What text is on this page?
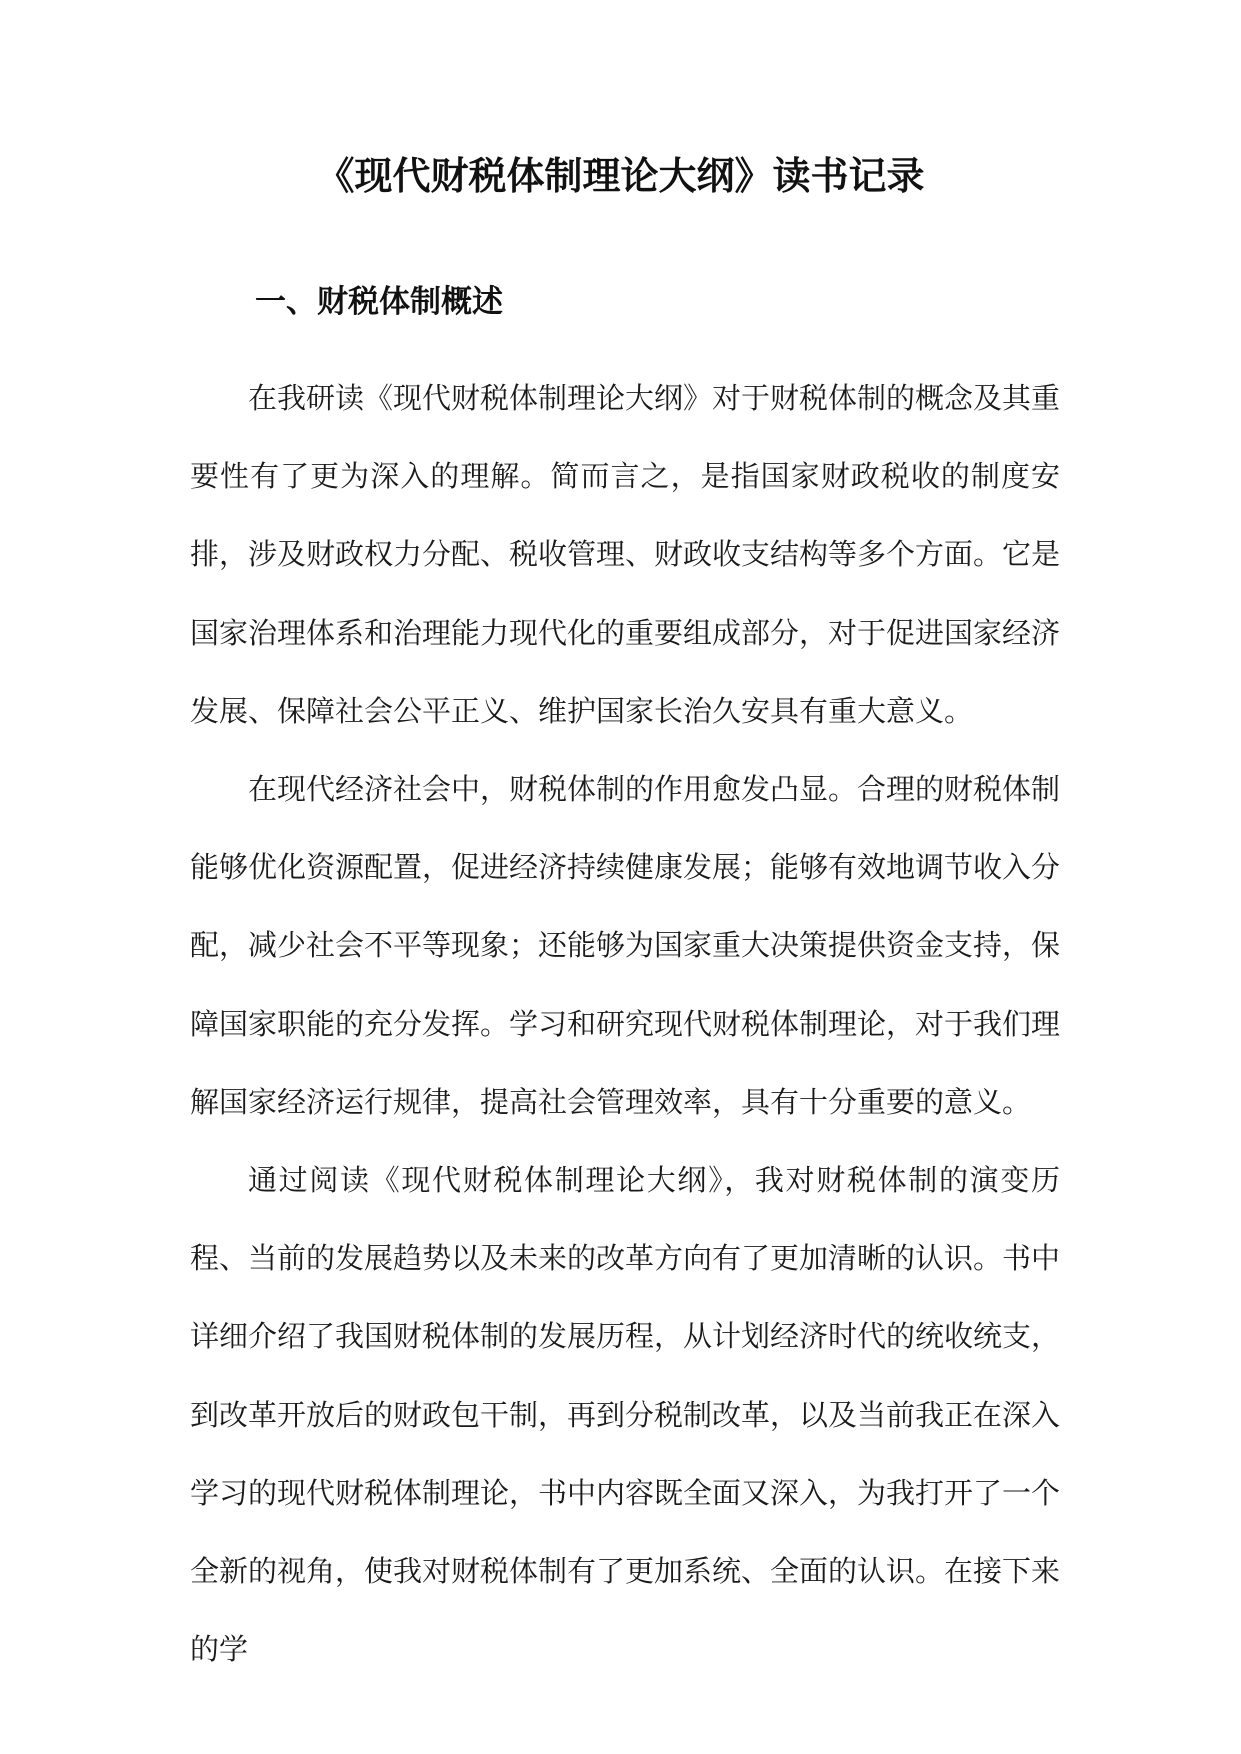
《现代财税体制理论大纲》读书记录
一、财税体制概述

在我研读《现代财税体制理论大纲》对于财税体制的概念及其重要性有了更为深入的理解。简而言之，是指国家财政税收的制度安排，涉及财政权力分配、税收管理、财政收支结构等多个方面。它是国家治理体系和治理能力现代化的重要组成部分，对于促进国家经济发展、保障社会公平正义、维护国家长治久安具有重大意义。

在现代经济社会中，财税体制的作用愈发凸显。合理的财税体制能够优化资源配置，促进经济持续健康发展；能够有效地调节收入分配，减少社会不平等现象；还能够为国家重大决策提供资金支持，保障国家职能的充分发挥。学习和研究现代财税体制理论，对于我们理解国家经济运行规律，提高社会管理效率，具有十分重要的意义。

通过阅读《现代财税体制理论大纲》，我对财税体制的演变历程、当前的发展趋势以及未来的改革方向有了更加清晰的认识。书中详细介绍了我国财税体制的发展历程，从计划经济时代的统收统支，到改革开放后的财政包干制，再到分税制改革，以及当前我正在深入学习的现代财税体制理论，书中内容既全面又深入，为我打开了一个全新的视角，使我对财税体制有了更加系统、全面的认识。在接下来的学
